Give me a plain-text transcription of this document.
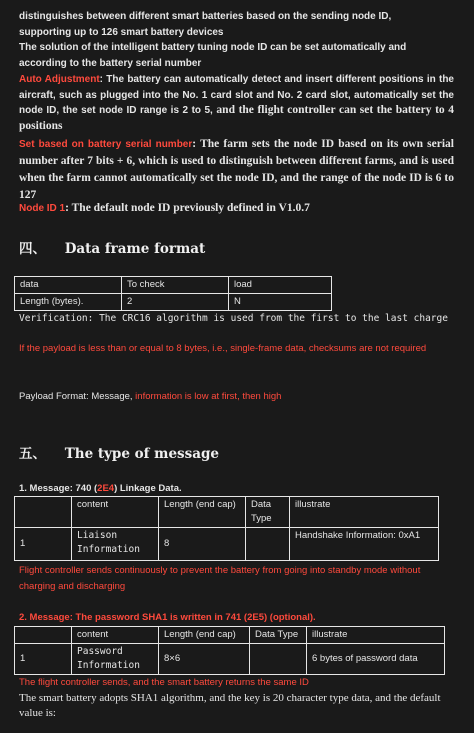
distinguishes between different smart batteries based on the sending node ID,
supporting up to 126 smart battery devices
The solution of the intelligent battery tuning node ID can be set automatically and
according to the battery serial number

Auto Adjustment: The battery can automatically detect and insert different positions in the aircraft, such as plugged into the No. 1 card slot and No. 2 card slot, automatically set the node ID, the set node ID range is 2 to 5, and the flight controller can set the battery to 4 positions

Set based on battery serial number: The farm sets the node ID based on its own serial number after 7 bits + 6, which is used to distinguish between different farms, and is used when the farm cannot automatically set the node ID, and the range of the node ID is 6 to 127

Node ID 1: The default node ID previously defined in V1.0.7

四、 Data frame format
data	To check	load
Length (bytes).	2	N

Verification: The CRC16 algorithm is used from the first to the last charge

If the payload is less than or equal to 8 bytes, i.e., single-frame data, checksums are not required

Payload Format: Message, information is low at first, then high

五、 The type of message

1. Message: 740 (2E4) Linkage Data.

	content	Length (end cap)	Data Type	illustrate
1	Liaison Information	8		Handshake Information: 0xA1

Flight controller sends continuously to prevent the battery from going into standby mode without charging and discharging

2. Message: The password SHA1 is written in 741 (2E5) (optional).

	content	Length (end cap)	Data Type	illustrate
1	Password Information	8×6		6 bytes of password data

The flight controller sends, and the smart battery returns the same ID

The smart battery adopts SHA1 algorithm, and the key is 20 character type data, and the default value is:
